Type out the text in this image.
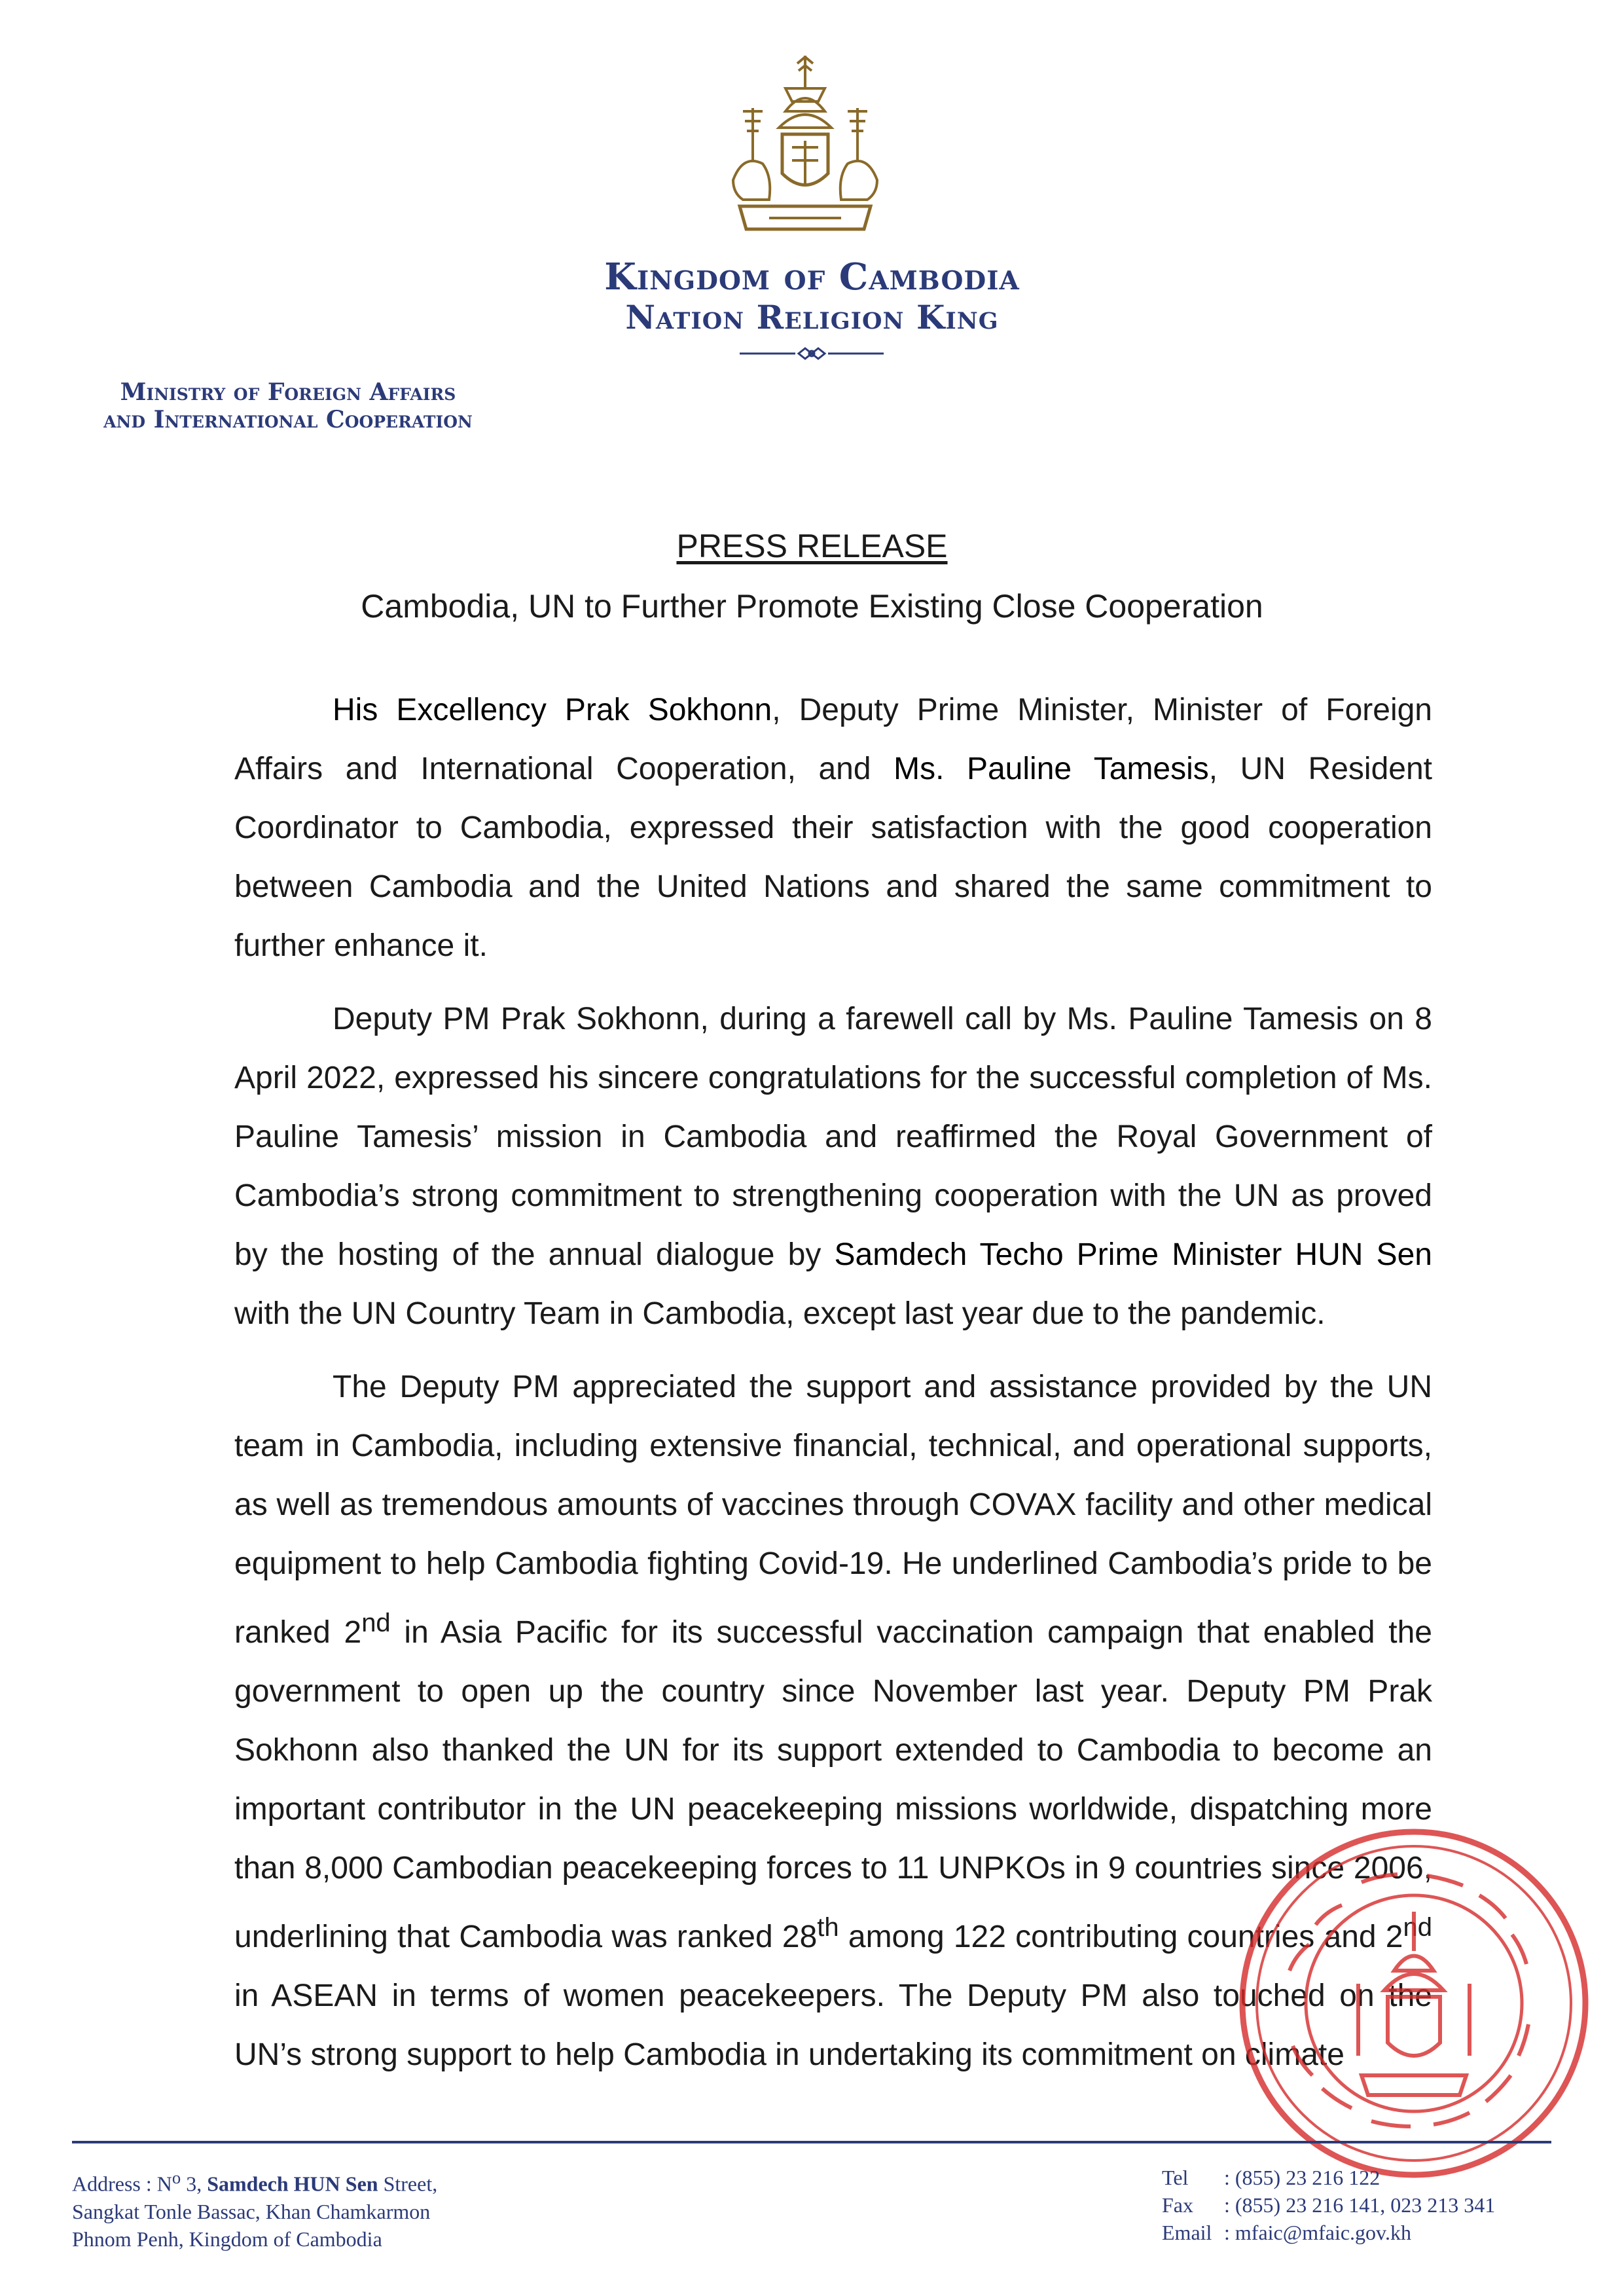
Kingdom of Cambodia
Nation Religion King
Ministry of Foreign Affairs
and International Cooperation
PRESS RELEASE
Cambodia, UN to Further Promote Existing Close Cooperation

His Excellency Prak Sokhonn, Deputy Prime Minister, Minister of Foreign Affairs and International Cooperation, and Ms. Pauline Tamesis, UN Resident Coordinator to Cambodia, expressed their satisfaction with the good cooperation between Cambodia and the United Nations and shared the same commitment to further enhance it.

Deputy PM Prak Sokhonn, during a farewell call by Ms. Pauline Tamesis on 8 April 2022, expressed his sincere congratulations for the successful completion of Ms. Pauline Tamesis’ mission in Cambodia and reaffirmed the Royal Government of Cambodia’s strong commitment to strengthening cooperation with the UN as proved by the hosting of the annual dialogue by Samdech Techo Prime Minister HUN Sen with the UN Country Team in Cambodia, except last year due to the pandemic.

The Deputy PM appreciated the support and assistance provided by the UN team in Cambodia, including extensive financial, technical, and operational supports, as well as tremendous amounts of vaccines through COVAX facility and other medical equipment to help Cambodia fighting Covid-19. He underlined Cambodia’s pride to be ranked 2nd in Asia Pacific for its successful vaccination campaign that enabled the government to open up the country since November last year. Deputy PM Prak Sokhonn also thanked the UN for its support extended to Cambodia to become an important contributor in the UN peacekeeping missions worldwide, dispatching more than 8,000 Cambodian peacekeeping forces to 11 UNPKOs in 9 countries since 2006, underlining that Cambodia was ranked 28th among 122 contributing countries and 2nd in ASEAN in terms of women peacekeepers. The Deputy PM also touched on the UN’s strong support to help Cambodia in undertaking its commitment on climate

Address : $N^o$ 3, Samdech HUN Sen Street,
Sangkat Tonle Bassac, Khan Chamkarmon
Phnom Penh, Kingdom of Cambodia
Tel : (855) 23 216 122
Fax : (855) 23 216 141, 023 213 341
Email : mfaic@mfaic.gov.kh
